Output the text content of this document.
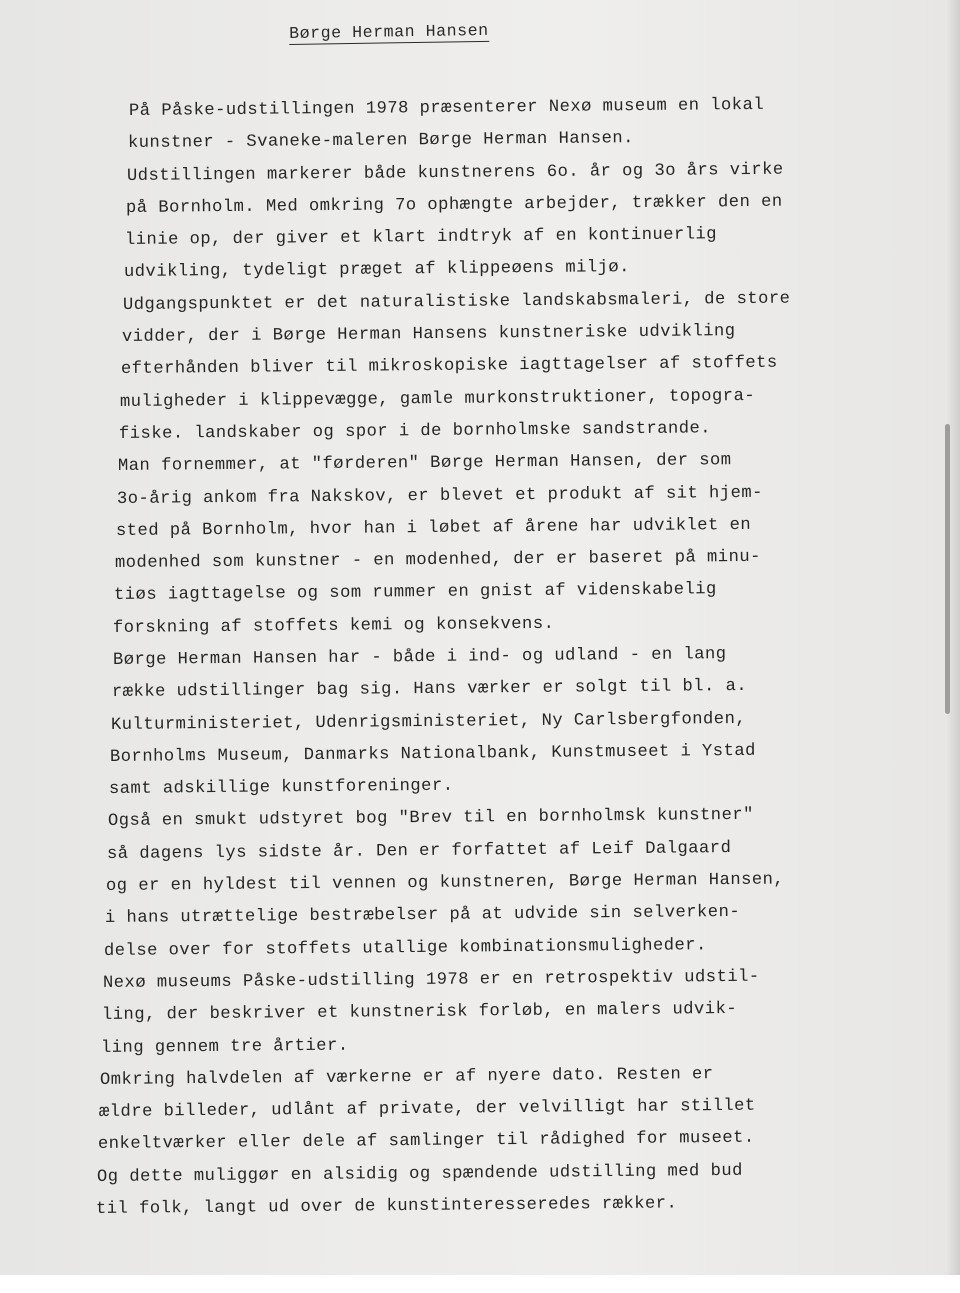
Børge Herman Hansen
På Påske-udstillingen 1978 præsenterer Nexø museum en lokal
kunstner - Svaneke-maleren Børge Herman Hansen.
Udstillingen markerer både kunstnerens 6o. år og 3o års virke
på Bornholm. Med omkring 7o ophængte arbejder, trækker den en
linie op, der giver et klart indtryk af en kontinuerlig
udvikling, tydeligt præget af klippeøens miljø.
Udgangspunktet er det naturalistiske landskabsmaleri, de store
vidder, der i Børge Herman Hansens kunstneriske udvikling
efterhånden bliver til mikroskopiske iagttagelser af stoffets
muligheder i klippevægge, gamle murkonstruktioner, topogra-
fiske. landskaber og spor i de bornholmske sandstrande.
Man fornemmer, at "førderen" Børge Herman Hansen, der som
3o-årig ankom fra Nakskov, er blevet et produkt af sit hjem-
sted på Bornholm, hvor han i løbet af årene har udviklet en
modenhed som kunstner - en modenhed, der er baseret på minu-
tiøs iagttagelse og som rummer en gnist af videnskabelig
forskning af stoffets kemi og konsekvens.
Børge Herman Hansen har - både i ind- og udland - en lang
række udstillinger bag sig. Hans værker er solgt til bl. a.
Kulturministeriet, Udenrigsministeriet, Ny Carlsbergfonden,
Bornholms Museum, Danmarks Nationalbank, Kunstmuseet i Ystad
samt adskillige kunstforeninger.
Også en smukt udstyret bog "Brev til en bornholmsk kunstner"
så dagens lys sidste år. Den er forfattet af Leif Dalgaard
og er en hyldest til vennen og kunstneren, Børge Herman Hansen,
i hans utrættelige bestræbelser på at udvide sin selverken-
delse over for stoffets utallige kombinationsmuligheder.
Nexø museums Påske-udstilling 1978 er en retrospektiv udstil-
ling, der beskriver et kunstnerisk forløb, en malers udvik-
ling gennem tre årtier.
Omkring halvdelen af værkerne er af nyere dato. Resten er
ældre billeder, udlånt af private, der velvilligt har stillet
enkeltværker eller dele af samlinger til rådighed for museet.
Og dette muliggør en alsidig og spændende udstilling med bud
til folk, langt ud over de kunstinteresseredes rækker.
